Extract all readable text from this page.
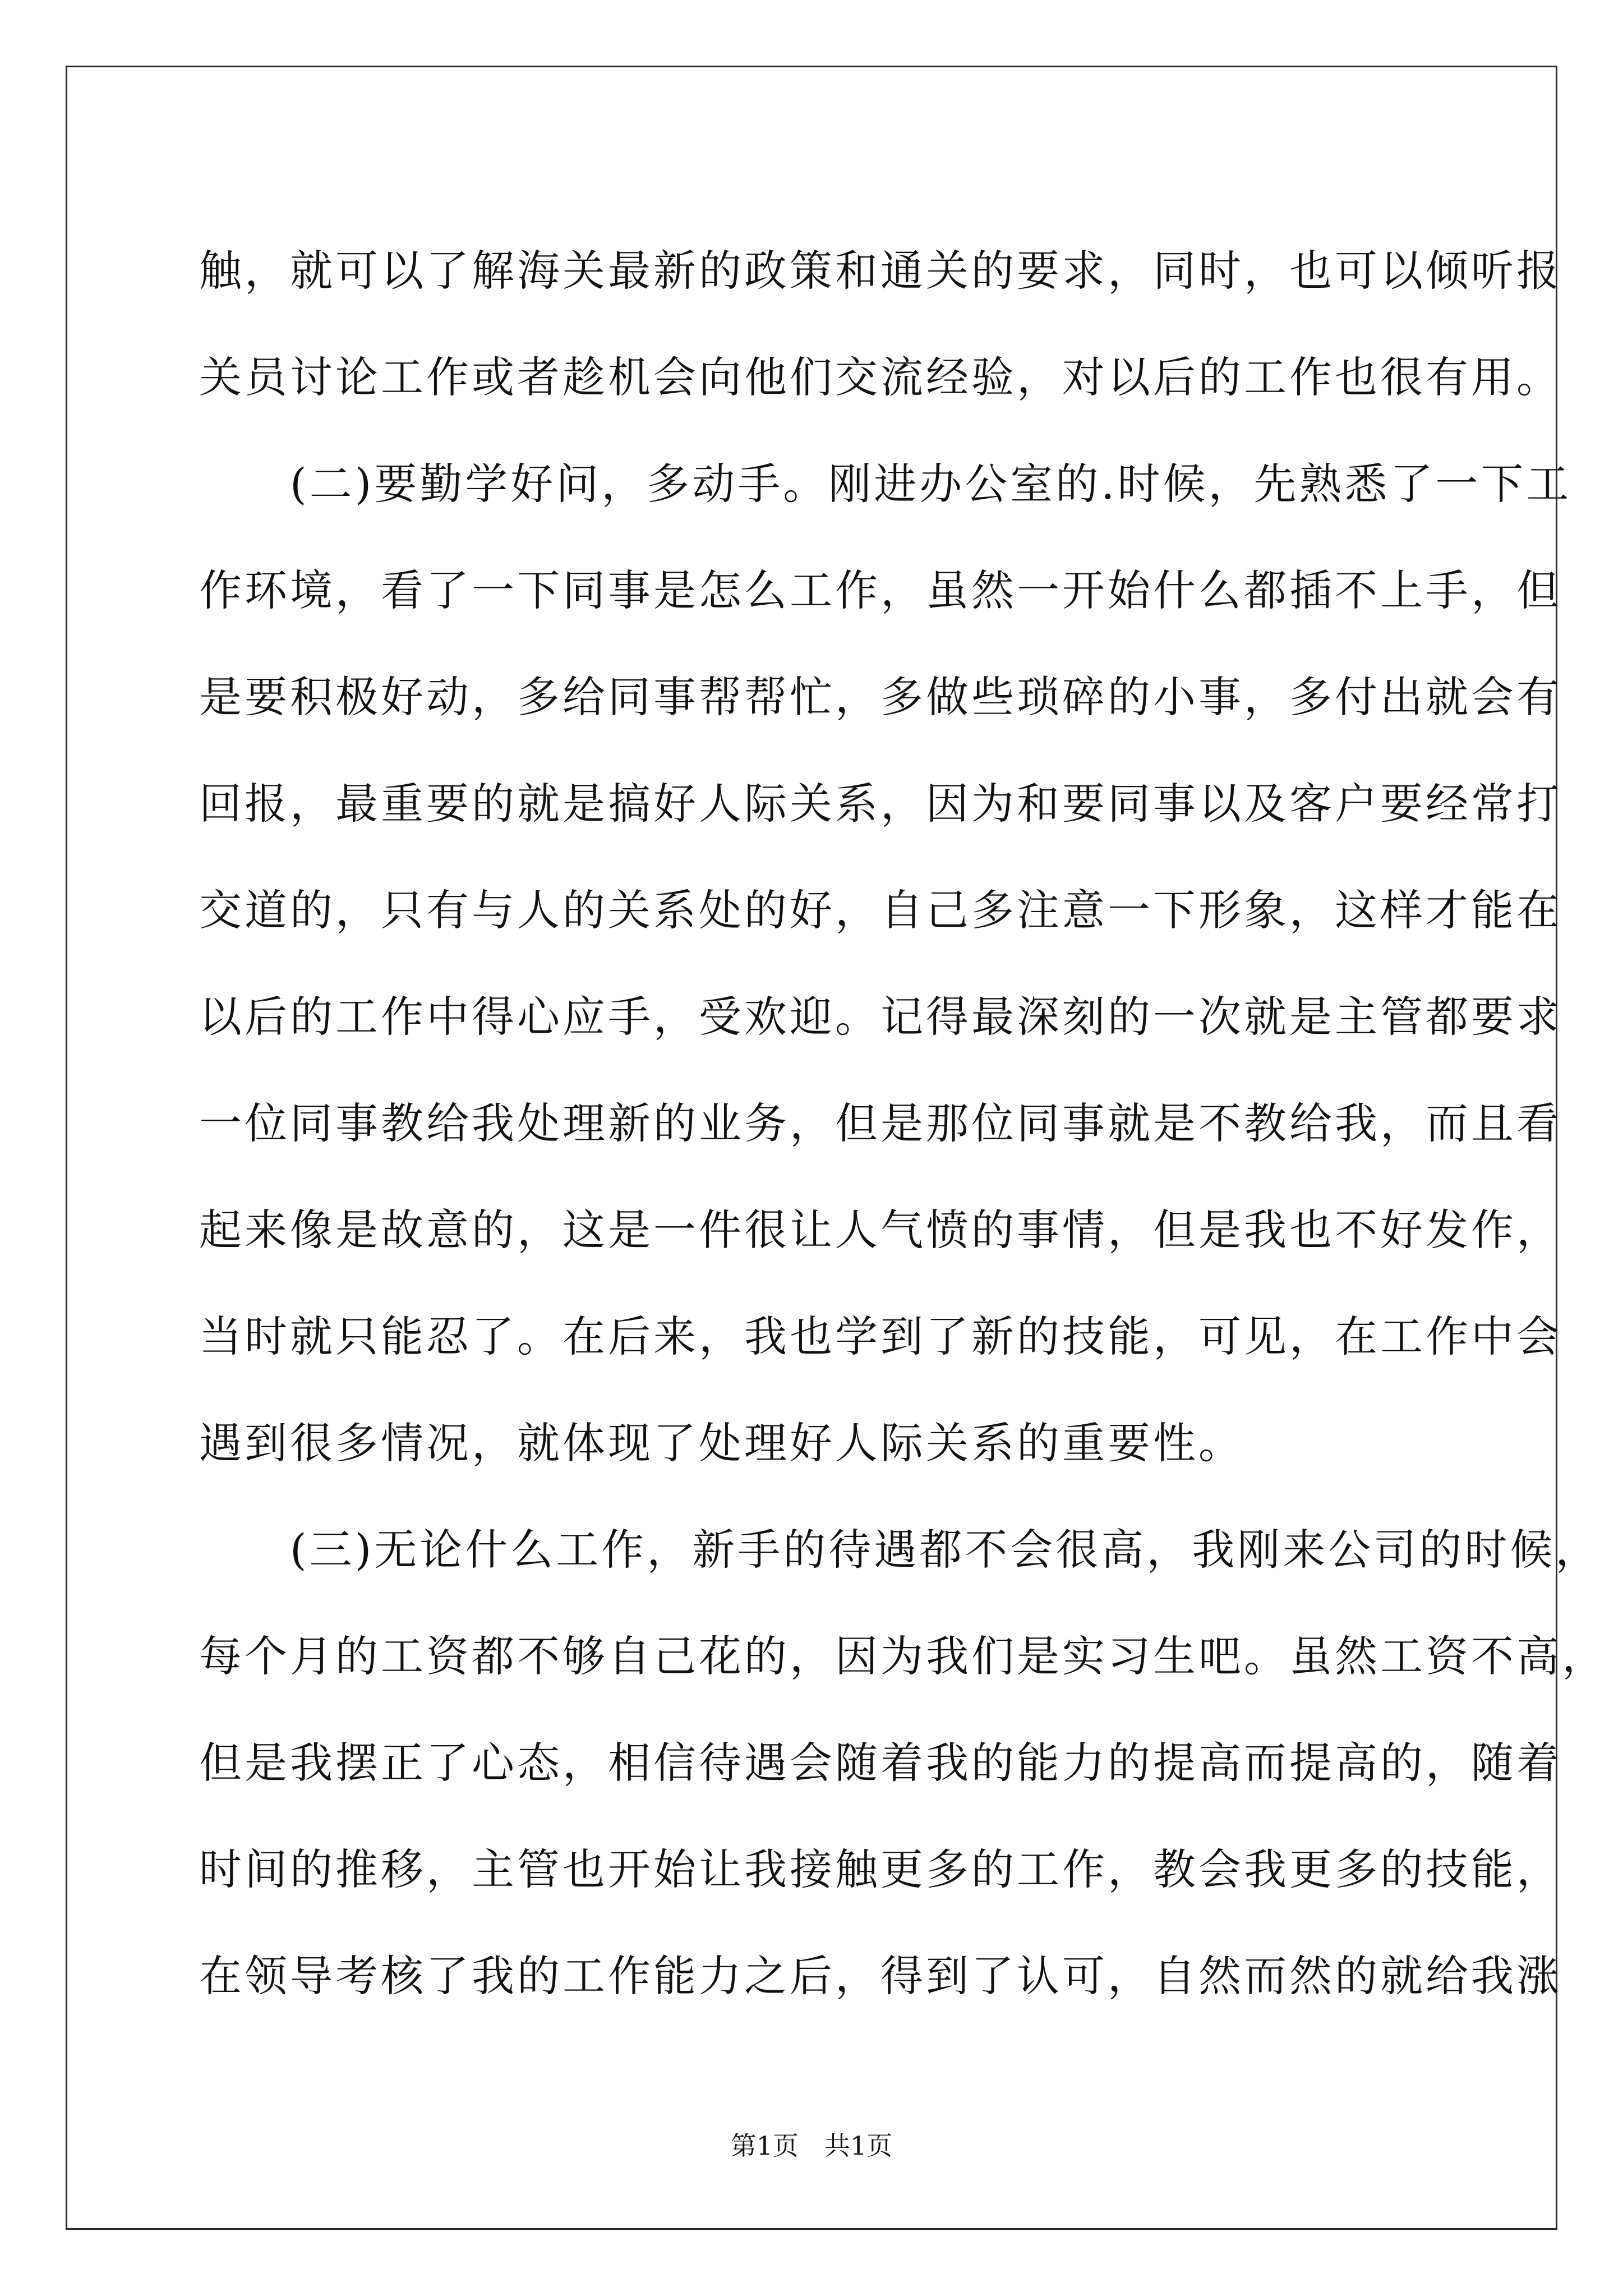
触，就可以了解海关最新的政策和通关的要求，同时，也可以倾听报
关员讨论工作或者趁机会向他们交流经验，对以后的工作也很有用。
　　(二)要勤学好问，多动手。刚进办公室的.时候，先熟悉了一下工
作环境，看了一下同事是怎么工作，虽然一开始什么都插不上手，但
是要积极好动，多给同事帮帮忙，多做些琐碎的小事，多付出就会有
回报，最重要的就是搞好人际关系，因为和要同事以及客户要经常打
交道的，只有与人的关系处的好，自己多注意一下形象，这样才能在
以后的工作中得心应手，受欢迎。记得最深刻的一次就是主管都要求
一位同事教给我处理新的业务，但是那位同事就是不教给我，而且看
起来像是故意的，这是一件很让人气愤的事情，但是我也不好发作，
当时就只能忍了。在后来，我也学到了新的技能，可见，在工作中会
遇到很多情况，就体现了处理好人际关系的重要性。
　　(三)无论什么工作，新手的待遇都不会很高，我刚来公司的时候，
每个月的工资都不够自己花的，因为我们是实习生吧。虽然工资不高，
但是我摆正了心态，相信待遇会随着我的能力的提高而提高的，随着
时间的推移，主管也开始让我接触更多的工作，教会我更多的技能，
在领导考核了我的工作能力之后，得到了认可，自然而然的就给我涨
第1页　共1页
